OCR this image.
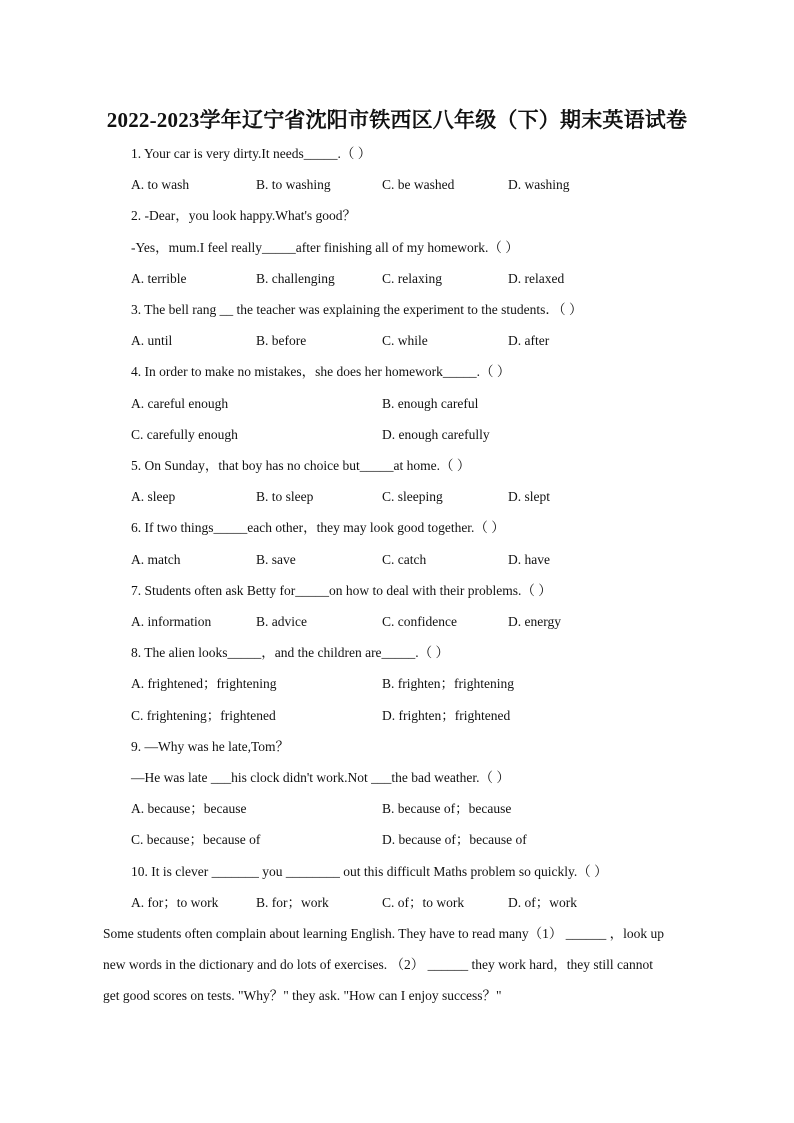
2022-2023学年辽宁省沈阳市铁西区八年级（下）期末英语试卷
1. Your car is very dirty.It needs_____.（ ）
A. to wash	B. to washing	C. be washed	D. washing
2. -Dear，you look happy.What's good？
-Yes，mum.I feel really_____after finishing all of my homework.（ ）
A. terrible	B. challenging	C. relaxing	D. relaxed
3. The bell rang __ the teacher was explaining the experiment to the students．（ ）
A. until	B. before	C. while	D. after
4. In order to make no mistakes，she does her homework_____.（ ）
A. careful enough	B. enough careful
C. carefully enough	D. enough carefully
5. On Sunday，that boy has no choice but_____at home.（ ）
A. sleep	B. to sleep	C. sleeping	D. slept
6. If two things_____each other，they may look good together.（ ）
A. match	B. save	C. catch	D. have
7. Students often ask Betty for_____on how to deal with their problems.（ ）
A. information	B. advice	C. confidence	D. energy
8. The alien looks_____，and the children are_____.（ ）
A. frightened；frightening	B. frighten；frightening
C. frightening；frightened	D. frighten；frightened
9. —Why was he late,Tom？
—He was late ___his clock didn't work.Not ___the bad weather.（ ）
A. because；because	B. because of；because
C. because；because of	D. because of；because of
10. It is clever _______ you ________ out this difficult Maths problem so quickly.（ ）
A. for；to work	B. for；work	C. of；to work	D. of；work
Some students often complain about learning English. They have to read many（1） ______ ，look up
new words in the dictionary and do lots of exercises. （2） ______ they work hard，they still cannot
get good scores on tests. "Why？" they ask. "How can I enjoy success？"
